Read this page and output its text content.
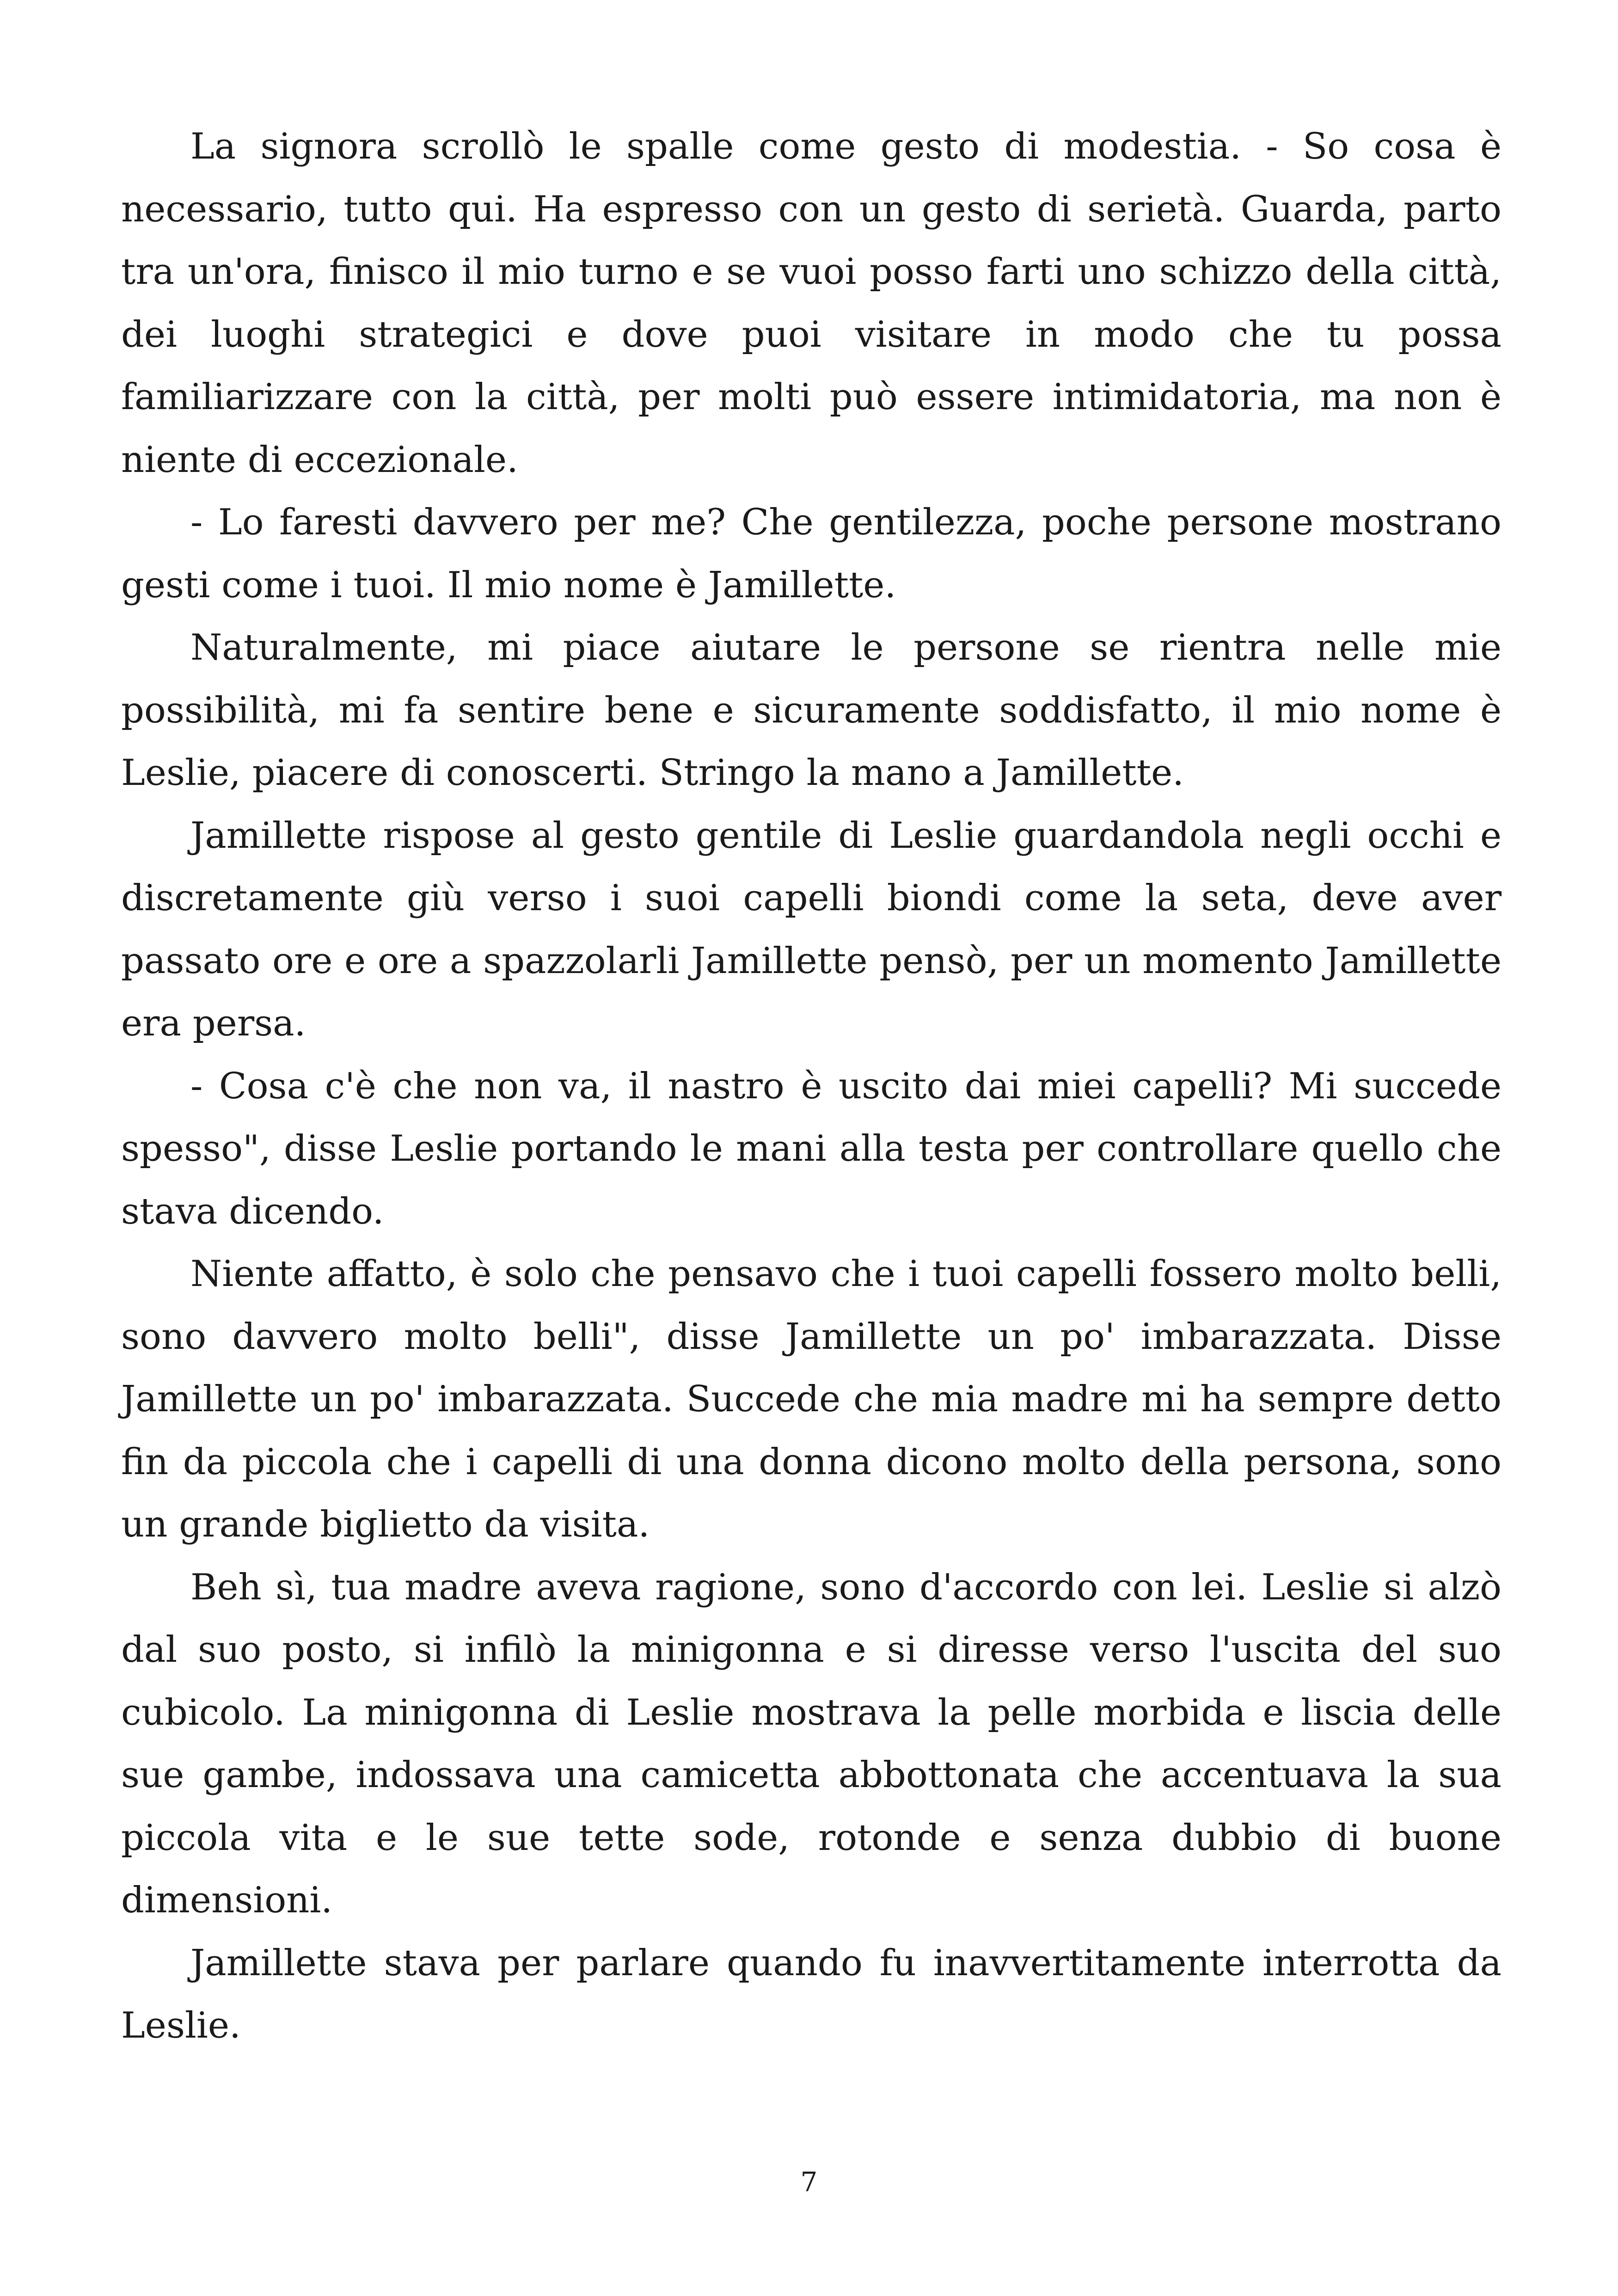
La signora scrollò le spalle come gesto di modestia. - So cosa è necessario, tutto qui. Ha espresso con un gesto di serietà. Guarda, parto tra un'ora, finisco il mio turno e se vuoi posso farti uno schizzo della città, dei luoghi strategici e dove puoi visitare in modo che tu possa familiarizzare con la città, per molti può essere intimidatoria, ma non è niente di eccezionale.

- Lo faresti davvero per me? Che gentilezza, poche persone mostrano gesti come i tuoi. Il mio nome è Jamillette.

Naturalmente, mi piace aiutare le persone se rientra nelle mie possibilità, mi fa sentire bene e sicuramente soddisfatto, il mio nome è Leslie, piacere di conoscerti. Stringo la mano a Jamillette.

Jamillette rispose al gesto gentile di Leslie guardandola negli occhi e discretamente giù verso i suoi capelli biondi come la seta, deve aver passato ore e ore a spazzolarli Jamillette pensò, per un momento Jamillette era persa.

- Cosa c'è che non va, il nastro è uscito dai miei capelli? Mi succede spesso", disse Leslie portando le mani alla testa per controllare quello che stava dicendo.

Niente affatto, è solo che pensavo che i tuoi capelli fossero molto belli, sono davvero molto belli", disse Jamillette un po' imbarazzata. Disse Jamillette un po' imbarazzata. Succede che mia madre mi ha sempre detto fin da piccola che i capelli di una donna dicono molto della persona, sono un grande biglietto da visita.

Beh sì, tua madre aveva ragione, sono d'accordo con lei. Leslie si alzò dal suo posto, si infilò la minigonna e si diresse verso l'uscita del suo cubicolo. La minigonna di Leslie mostrava la pelle morbida e liscia delle sue gambe, indossava una camicetta abbottonata che accentuava la sua piccola vita e le sue tette sode, rotonde e senza dubbio di buone dimensioni.

Jamillette stava per parlare quando fu inavvertitamente interrotta da Leslie.

7
